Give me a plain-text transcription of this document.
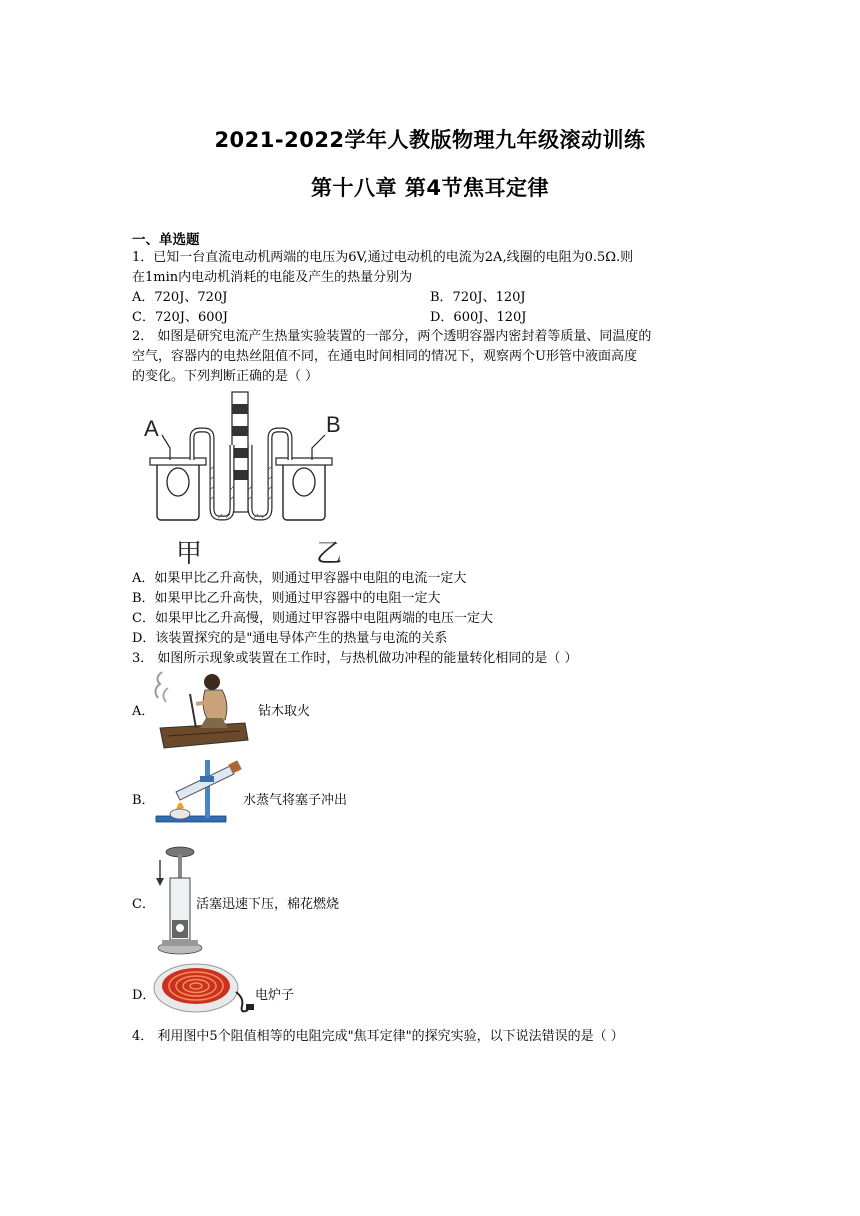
2021-2022学年人教版物理九年级滚动训练
第十八章 第4节焦耳定律
一、单选题
1．已知一台直流电动机两端的电压为6V,通过电动机的电流为2A,线圈的电阻为0.5Ω.则
在1min内电动机消耗的电能及产生的热量分别为
A．720J、720J	B．720J、120J
C．720J、600J	D．600J、120J
2． 如图是研究电流产生热量实验装置的一部分，两个透明容器内密封着等质量、同温度的
空气，容器内的电热丝阻值不同，在通电时间相同的情况下，观察两个U形管中液面高度
的变化。下列判断正确的是（ ）
A	B
甲	乙
A．如果甲比乙升高快，则通过甲容器中电阻的电流一定大
B．如果甲比乙升高快，则通过甲容器中的电阻一定大
C．如果甲比乙升高慢，则通过甲容器中电阻两端的电压一定大
D．该装置探究的是"通电导体产生的热量与电流的关系
3． 如图所示现象或装置在工作时，与热机做功冲程的能量转化相同的是（ ）
A．	钻木取火
B．	水蒸气将塞子冲出
C．	活塞迅速下压，棉花燃烧
D．	电炉子
4． 利用图中5个阻值相等的电阻完成"焦耳定律"的探究实验，以下说法错误的是（ ）
